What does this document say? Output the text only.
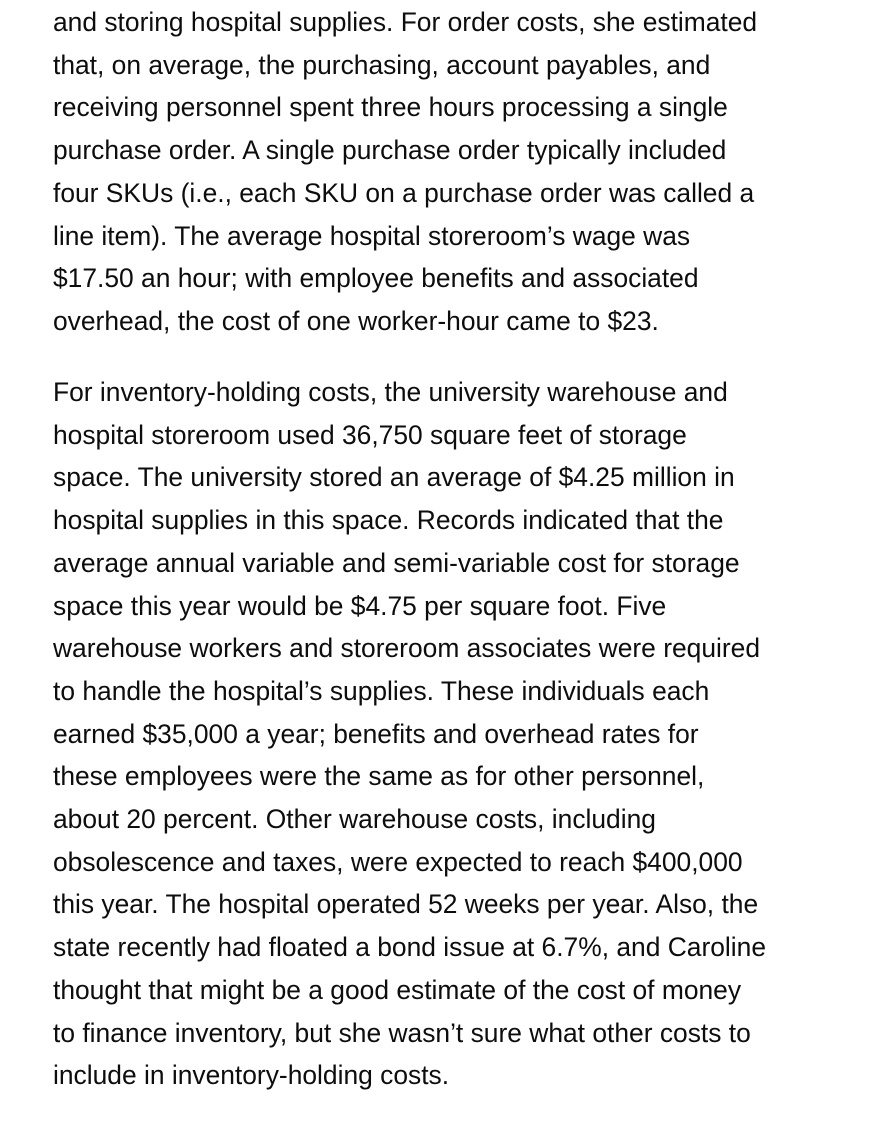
and storing hospital supplies. For order costs, she estimated
that, on average, the purchasing, account payables, and
receiving personnel spent three hours processing a single
purchase order. A single purchase order typically included
four SKUs (i.e., each SKU on a purchase order was called a
line item). The average hospital storeroom’s wage was
$17.50 an hour; with employee benefits and associated
overhead, the cost of one worker-hour came to $23.
For inventory-holding costs, the university warehouse and
hospital storeroom used 36,750 square feet of storage
space. The university stored an average of $4.25 million in
hospital supplies in this space. Records indicated that the
average annual variable and semi-variable cost for storage
space this year would be $4.75 per square foot. Five
warehouse workers and storeroom associates were required
to handle the hospital’s supplies. These individuals each
earned $35,000 a year; benefits and overhead rates for
these employees were the same as for other personnel,
about 20 percent. Other warehouse costs, including
obsolescence and taxes, were expected to reach $400,000
this year. The hospital operated 52 weeks per year. Also, the
state recently had floated a bond issue at 6.7%, and Caroline
thought that might be a good estimate of the cost of money
to finance inventory, but she wasn’t sure what other costs to
include in inventory-holding costs.
